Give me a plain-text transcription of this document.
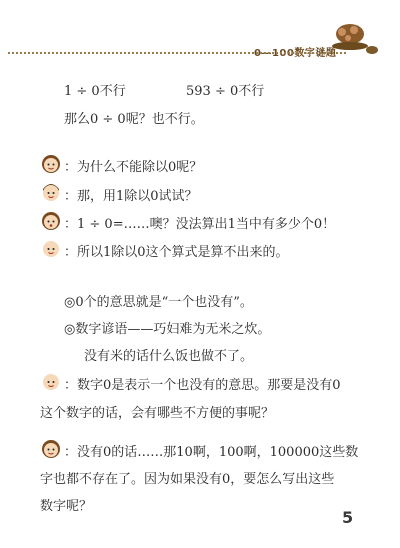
0—100数字谜题
1 ÷ 0不行	593 ÷ 0不行
那么0 ÷ 0呢？也不行。
：为什么不能除以0呢？
：那，用1除以0试试？
：1 ÷ 0=……噢？没法算出1当中有多少个0！
：所以1除以0这个算式是算不出来的。
◎0个的意思就是“一个也没有”。
◎数字谚语——巧妇难为无米之炊。
没有米的话什么饭也做不了。
：数字0是表示一个也没有的意思。那要是没有0
这个数字的话，会有哪些不方便的事呢？
：没有0的话……那10啊，100啊，100000这些数
字也都不存在了。因为如果没有0，要怎么写出这些
数字呢？
5
